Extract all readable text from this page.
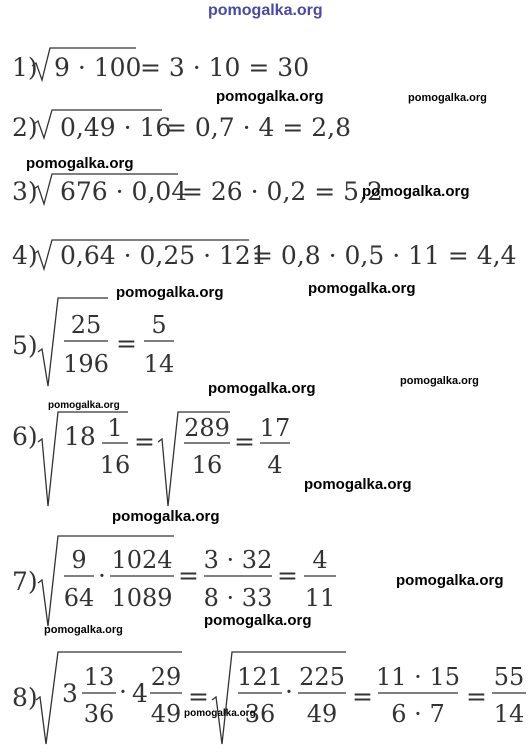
pomogalka.org
1) 9 · 100
= 3 · 10 = 30
2) 0,49 · 16
= 0,7 · 4 = 2,8
3) 676 · 0,04
= 26 · 0,2 = 5,2
4) 0,64 · 0,25 · 121
= 0,8 · 0,5 · 11 = 4,4
5)
25
196
=
5
14
6) 18 1
16
= 289
16
= 17
4
7)
9
64
·
1024
1089
=
3 · 32
8 · 33
=
4
11
8) 3
13
36
· 4
29
49
=
121
36
· 225
49
=
11 · 15
6 · 7
=
55
14
pomogalka.org	pomogalka.org
pomogalka.org
pomogalka.org
pomogalka.org	pomogalka.org
pomogalka.org	pomogalka.org
pomogalka.org
pomogalka.org
pomogalka.org
pomogalka.org
pomogalka.org
pomogalka.org
pomogalka.org
